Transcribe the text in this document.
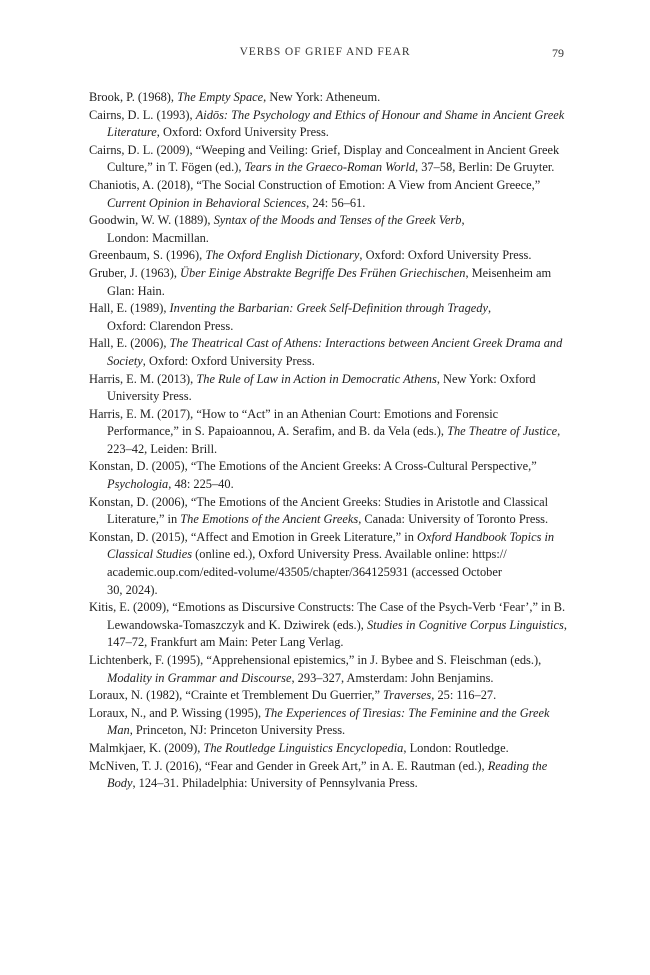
VERBS OF GRIEF AND FEAR	79

Brook, P. (1968), The Empty Space, New York: Atheneum.

Cairns, D. L. (1993), Aidōs: The Psychology and Ethics of Honour and Shame in Ancient Greek Literature, Oxford: Oxford University Press.

Cairns, D. L. (2009), “Weeping and Veiling: Grief, Display and Concealment in Ancient Greek Culture,” in T. Fögen (ed.), Tears in the Graeco-Roman World, 37–58, Berlin: De Gruyter.

Chaniotis, A. (2018), “The Social Construction of Emotion: A View from Ancient Greece,” Current Opinion in Behavioral Sciences, 24: 56–61.

Goodwin, W. W. (1889), Syntax of the Moods and Tenses of the Greek Verb,
London: Macmillan.

Greenbaum, S. (1996), The Oxford English Dictionary, Oxford: Oxford University Press.

Gruber, J. (1963), Über Einige Abstrakte Begriffe Des Frühen Griechischen, Meisenheim am Glan: Hain.

Hall, E. (1989), Inventing the Barbarian: Greek Self-Definition through Tragedy,
Oxford: Clarendon Press.

Hall, E. (2006), The Theatrical Cast of Athens: Interactions between Ancient Greek Drama and Society, Oxford: Oxford University Press.

Harris, E. M. (2013), The Rule of Law in Action in Democratic Athens, New York: Oxford University Press.

Harris, E. M. (2017), “How to “Act” in an Athenian Court: Emotions and Forensic Performance,” in S. Papaioannou, A. Serafim, and B. da Vela (eds.), The Theatre of Justice, 223–42, Leiden: Brill.

Konstan, D. (2005), “The Emotions of the Ancient Greeks: A Cross-Cultural Perspective,” Psychologia, 48: 225–40.

Konstan, D. (2006), “The Emotions of the Ancient Greeks: Studies in Aristotle and Classical Literature,” in The Emotions of the Ancient Greeks, Canada: University of Toronto Press.

Konstan, D. (2015), “Affect and Emotion in Greek Literature,” in Oxford Handbook Topics in Classical Studies (online ed.), Oxford University Press. Available online: https://
academic.oup.com/edited-volume/43505/chapter/364125931 (accessed October
30, 2024).

Kitis, E. (2009), “Emotions as Discursive Constructs: The Case of the Psych-Verb ‘Fear’,” in B. Lewandowska-Tomaszczyk and K. Dziwirek (eds.), Studies in Cognitive Corpus Linguistics, 147–72, Frankfurt am Main: Peter Lang Verlag.

Lichtenberk, F. (1995), “Apprehensional epistemics,” in J. Bybee and S. Fleischman (eds.), Modality in Grammar and Discourse, 293–327, Amsterdam: John Benjamins.

Loraux, N. (1982), “Crainte et Tremblement Du Guerrier,” Traverses, 25: 116–27.

Loraux, N., and P. Wissing (1995), The Experiences of Tiresias: The Feminine and the Greek Man, Princeton, NJ: Princeton University Press.

Malmkjaer, K. (2009), The Routledge Linguistics Encyclopedia, London: Routledge.

McNiven, T. J. (2016), “Fear and Gender in Greek Art,” in A. E. Rautman (ed.), Reading the Body, 124–31. Philadelphia: University of Pennsylvania Press.
